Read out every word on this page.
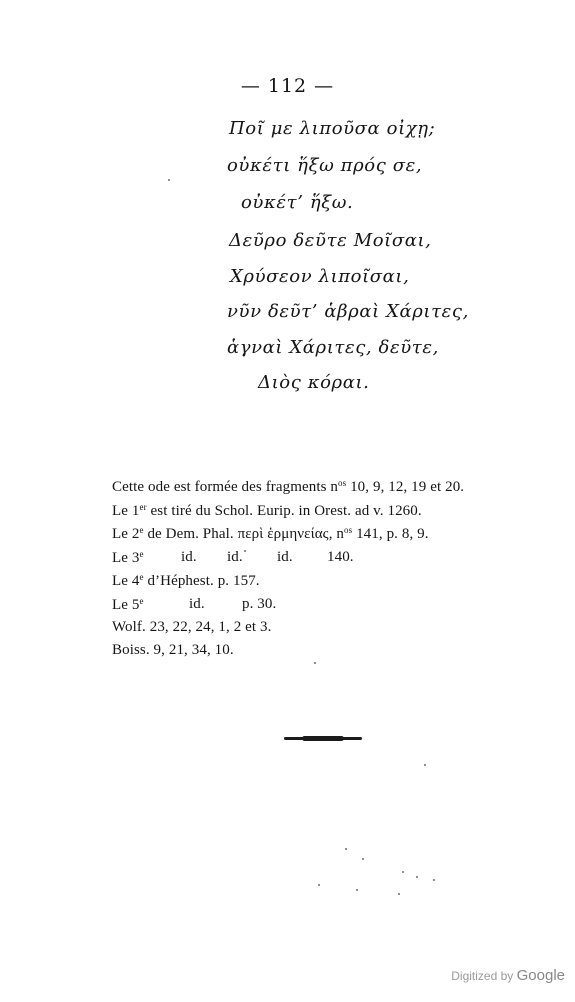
— 112 —
Ποῖ με λιποῦσα οἰχῃ;
οὐκέτι ἥξω πρός σε,
οὐκέτ’ ἥξω.
Δεῦρο δεῦτε Μοῖσαι,
Χρύσεον λιποῖσαι,
νῦν δεῦτ’ ἁβραὶ Χάριτες,
ἁγναὶ Χάριτες, δεῦτε,
Διὸς κόραι.
Cette ode est formée des fragments $n^{os}$ 10, 9, 12, 19 et 20.
Le 1er est tiré du Schol. Eurip. in Orest. ad v. 1260.
Le 2e de Dem. Phal. περὶ ἑρμηνείας, $n^{os}$ 141, p. 8, 9.
Le 3e id. id. id. 140.
Le 4e d’Héphest. p. 157.
Le 5e	id. p. 30.
Wolf. 23, 22, 24, 1, 2 et 3.
Boiss. 9, 21, 34, 10.
Digitized by Google
